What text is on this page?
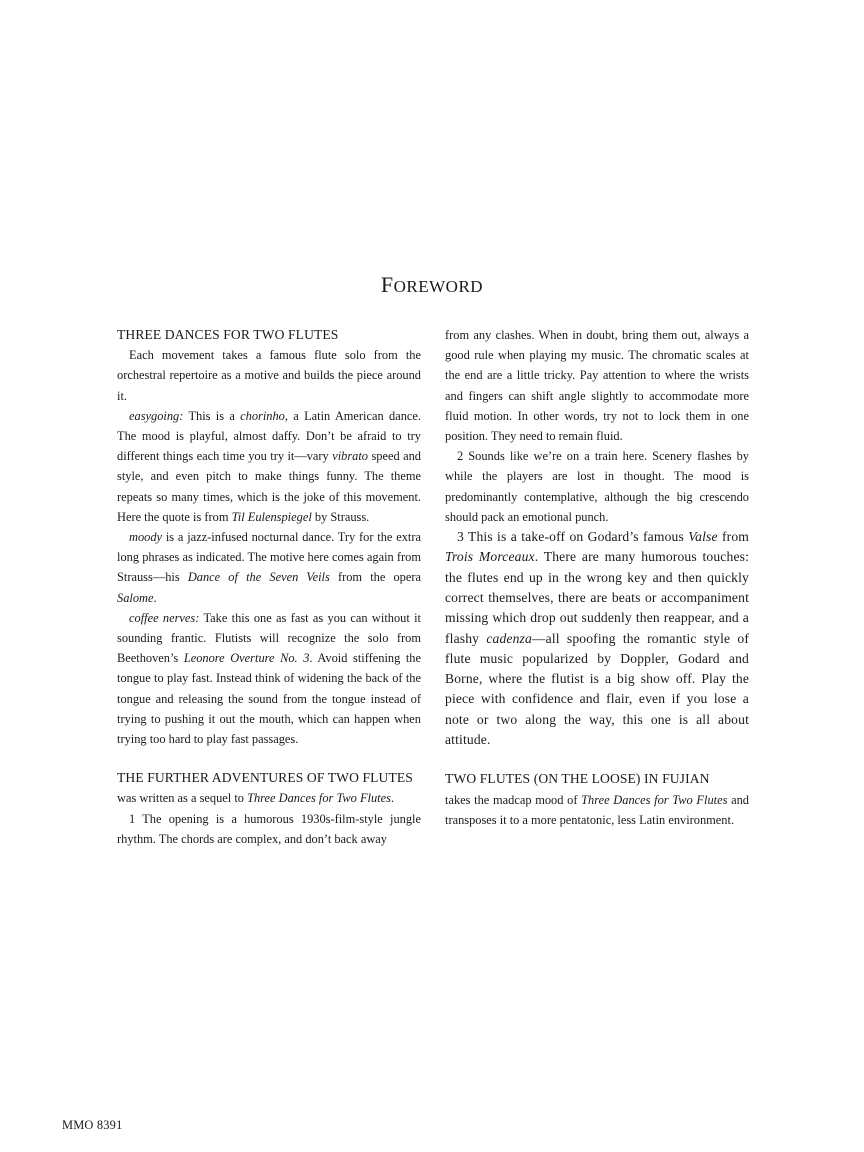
FOREWORD
THREE DANCES FOR TWO FLUTES

Each movement takes a famous flute solo from the orchestral repertoire as a motive and builds the piece around it.

easygoing: This is a chorinho, a Latin American dance. The mood is playful, almost daffy. Don’t be afraid to try different things each time you try it—vary vibrato speed and style, and even pitch to make things funny. The theme repeats so many times, which is the joke of this movement. Here the quote is from Til Eulenspiegel by Strauss.

moody is a jazz-infused nocturnal dance. Try for the extra long phrases as indicated. The motive here comes again from Strauss—his Dance of the Seven Veils from the opera Salome.

coffee nerves: Take this one as fast as you can without it sounding frantic. Flutists will recognize the solo from Beethoven’s Leonore Overture No. 3. Avoid stiffening the tongue to play fast. Instead think of widening the back of the tongue and releasing the sound from the tongue instead of trying to pushing it out the mouth, which can happen when trying too hard to play fast passages.

THE FURTHER ADVENTURES OF TWO FLUTES

was written as a sequel to Three Dances for Two Flutes.

1 The opening is a humorous 1930s-film-style jungle rhythm. The chords are complex, and don’t back away

from any clashes. When in doubt, bring them out, always a good rule when playing my music. The chromatic scales at the end are a little tricky. Pay attention to where the wrists and fingers can shift angle slightly to accommodate more fluid motion. In other words, try not to lock them in one position. They need to remain fluid.

2 Sounds like we’re on a train here. Scenery flashes by while the players are lost in thought. The mood is predominantly contemplative, although the big crescendo should pack an emotional punch.

3 This is a take-off on Godard’s famous Valse from Trois Morceaux. There are many humorous touches: the flutes end up in the wrong key and then quickly correct themselves, there are beats or accompaniment missing which drop out suddenly then reappear, and a flashy cadenza—all spoofing the romantic style of flute music popularized by Doppler, Godard and Borne, where the flutist is a big show off. Play the piece with confidence and flair, even if you lose a note or two along the way, this one is all about attitude.

TWO FLUTES (ON THE LOOSE) IN FUJIAN

takes the madcap mood of Three Dances for Two Flutes and transposes it to a more pentatonic, less Latin environment.

MMO 8391
